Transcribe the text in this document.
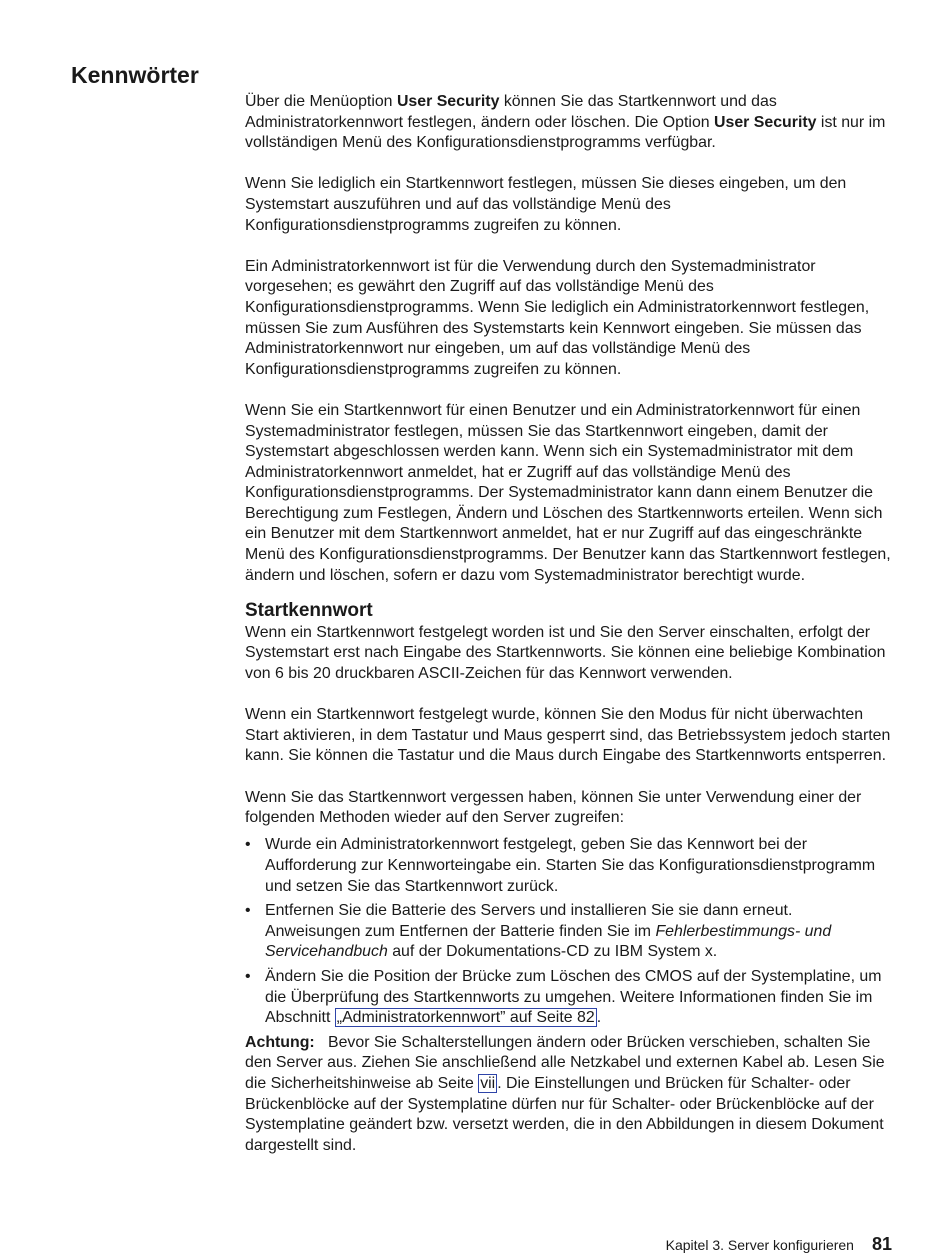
Kennwörter

Über die Menüoption User Security können Sie das Startkennwort und das Administratorkennwort festlegen, ändern oder löschen. Die Option User Security ist nur im vollständigen Menü des Konfigurationsdienstprogramms verfügbar.

Wenn Sie lediglich ein Startkennwort festlegen, müssen Sie dieses eingeben, um den Systemstart auszuführen und auf das vollständige Menü des Konfigurationsdienstprogramms zugreifen zu können.

Ein Administratorkennwort ist für die Verwendung durch den Systemadministrator vorgesehen; es gewährt den Zugriff auf das vollständige Menü des Konfigurationsdienstprogramms. Wenn Sie lediglich ein Administratorkennwort festlegen, müssen Sie zum Ausführen des Systemstarts kein Kennwort eingeben. Sie müssen das Administratorkennwort nur eingeben, um auf das vollständige Menü des Konfigurationsdienstprogramms zugreifen zu können.

Wenn Sie ein Startkennwort für einen Benutzer und ein Administratorkennwort für einen Systemadministrator festlegen, müssen Sie das Startkennwort eingeben, damit der Systemstart abgeschlossen werden kann. Wenn sich ein Systemadministrator mit dem Administratorkennwort anmeldet, hat er Zugriff auf das vollständige Menü des Konfigurationsdienstprogramms. Der Systemadministrator kann dann einem Benutzer die Berechtigung zum Festlegen, Ändern und Löschen des Startkennworts erteilen. Wenn sich ein Benutzer mit dem Startkennwort anmeldet, hat er nur Zugriff auf das eingeschränkte Menü des Konfigurationsdienstprogramms. Der Benutzer kann das Startkennwort festlegen, ändern und löschen, sofern er dazu vom Systemadministrator berechtigt wurde.

Startkennwort

Wenn ein Startkennwort festgelegt worden ist und Sie den Server einschalten, erfolgt der Systemstart erst nach Eingabe des Startkennworts. Sie können eine beliebige Kombination von 6 bis 20 druckbaren ASCII-Zeichen für das Kennwort verwenden.

Wenn ein Startkennwort festgelegt wurde, können Sie den Modus für nicht überwachten Start aktivieren, in dem Tastatur und Maus gesperrt sind, das Betriebssystem jedoch starten kann. Sie können die Tastatur und die Maus durch Eingabe des Startkennworts entsperren.

Wenn Sie das Startkennwort vergessen haben, können Sie unter Verwendung einer der folgenden Methoden wieder auf den Server zugreifen:

• Wurde ein Administratorkennwort festgelegt, geben Sie das Kennwort bei der Aufforderung zur Kennworteingabe ein. Starten Sie das Konfigurationsdienstprogramm und setzen Sie das Startkennwort zurück.
• Entfernen Sie die Batterie des Servers und installieren Sie sie dann erneut. Anweisungen zum Entfernen der Batterie finden Sie im Fehlerbestimmungs- und Servicehandbuch auf der Dokumentations-CD zu IBM System x.
• Ändern Sie die Position der Brücke zum Löschen des CMOS auf der Systemplatine, um die Überprüfung des Startkennworts zu umgehen. Weitere Informationen finden Sie im Abschnitt „Administratorkennwort” auf Seite 82 .

Achtung:   Bevor Sie Schalterstellungen ändern oder Brücken verschieben, schalten Sie den Server aus. Ziehen Sie anschließend alle Netzkabel und externen Kabel ab. Lesen Sie die Sicherheitshinweise ab Seite vii . Die Einstellungen und Brücken für Schalter- oder Brückenblöcke auf der Systemplatine dürfen nur für Schalter- oder Brückenblöcke auf der Systemplatine geändert bzw. versetzt werden, die in den Abbildungen in diesem Dokument dargestellt sind.

Kapitel 3. Server konfigurieren 81
